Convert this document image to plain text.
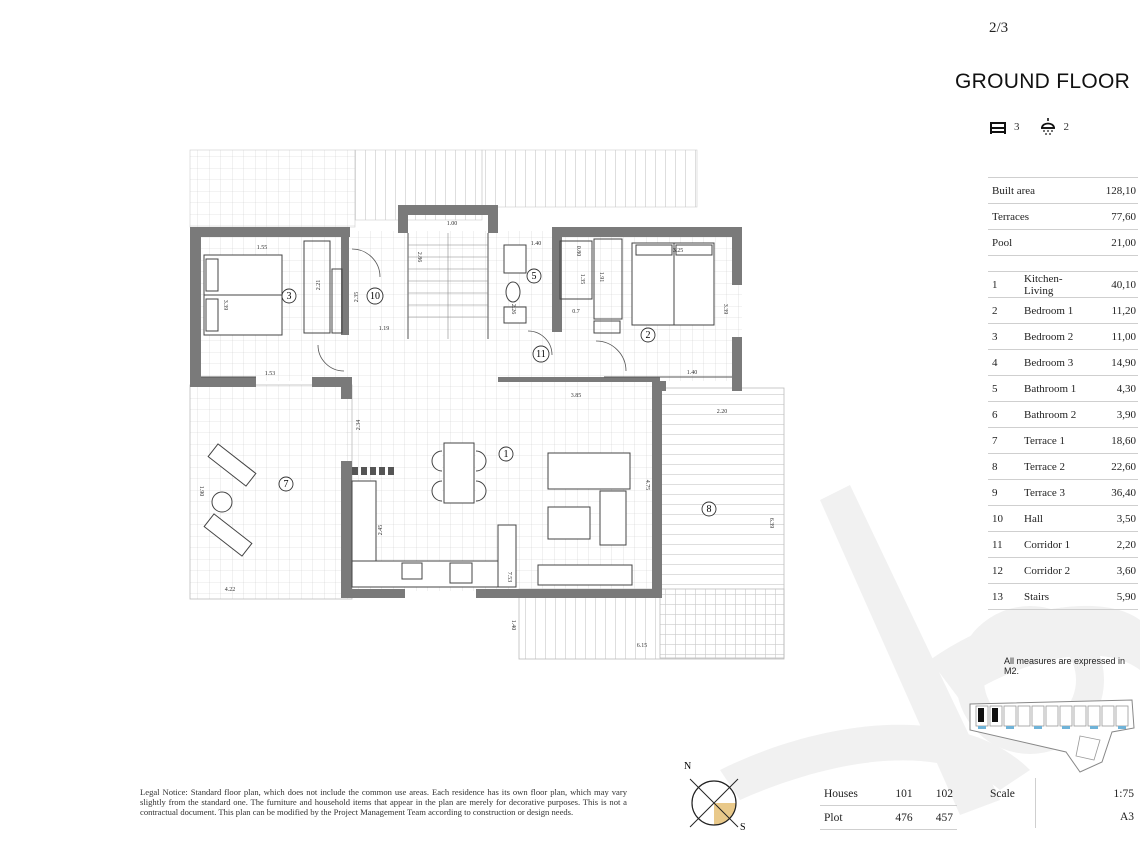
2/3
GROUND FLOOR
3	2
Built area	128,10
Terraces	77,60
Pool	21,00
1	Kitchen-Living	40,10
2	Bedroom 1	11,20
3	Bedroom 2	11,00
4	Bedroom 3	14,90
5	Bathroom 1	4,30
6	Bathroom 2	3,90
7	Terrace 1	18,60
8	Terrace 2	22,60
9	Terrace 3	36,40
10	Hall	3,50
11	Corridor 1	2,20
12	Corridor 2	3,60
13	Stairs	5,90
All measures are expressed in M2.
1
2
3
5
7
8
10
11
1.55
2.21
3.39
2.35
1.53
2.86
1.19
1.40
0.80
1.35
2.26
1.91
0.7
3.25
3.39
1.40
3.85
2.34
1.90
4.75
2.45
7.53
2.20
6.39
1.40
6.15
4.22
1.00
Legal Notice: Standard floor plan, which does not include the common use areas. Each residence has its own floor plan, which may vary slightly from the standard one. The furniture and household items that appear in the plan are merely for decorative purposes. This is not a contractual document. This plan can be modified by the Project Management Team according to construction or design needs.
N
S
Houses	101	102
Plot	476	457
Scale	1:75
A3
